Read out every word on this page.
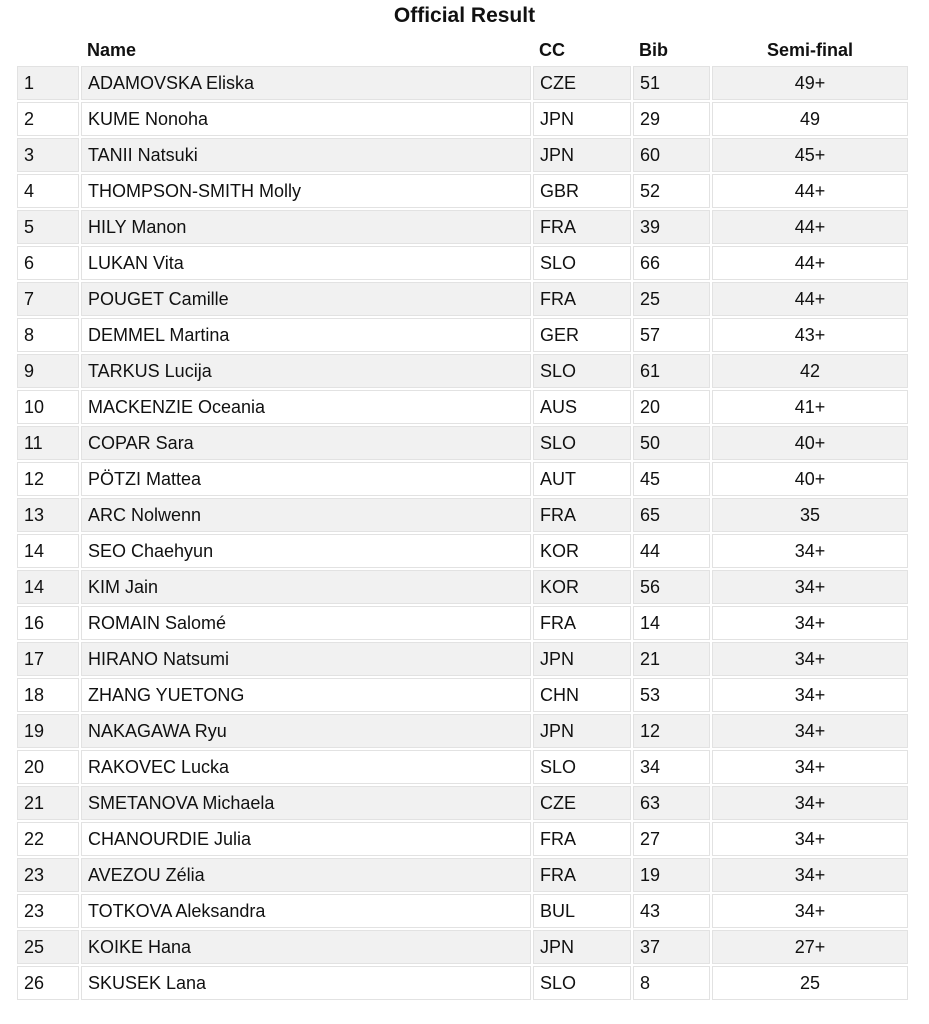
Official Result
	Name	CC	Bib	Semi-final
1	ADAMOVSKA Eliska	CZE	51	49+
2	KUME Nonoha	JPN	29	49
3	TANII Natsuki	JPN	60	45+
4	THOMPSON-SMITH Molly	GBR	52	44+
5	HILY Manon	FRA	39	44+
6	LUKAN Vita	SLO	66	44+
7	POUGET Camille	FRA	25	44+
8	DEMMEL Martina	GER	57	43+
9	TARKUS Lucija	SLO	61	42
10	MACKENZIE Oceania	AUS	20	41+
11	COPAR Sara	SLO	50	40+
12	PÖTZI Mattea	AUT	45	40+
13	ARC Nolwenn	FRA	65	35
14	SEO Chaehyun	KOR	44	34+
14	KIM Jain	KOR	56	34+
16	ROMAIN Salomé	FRA	14	34+
17	HIRANO Natsumi	JPN	21	34+
18	ZHANG YUETONG	CHN	53	34+
19	NAKAGAWA Ryu	JPN	12	34+
20	RAKOVEC Lucka	SLO	34	34+
21	SMETANOVA Michaela	CZE	63	34+
22	CHANOURDIE Julia	FRA	27	34+
23	AVEZOU Zélia	FRA	19	34+
23	TOTKOVA Aleksandra	BUL	43	34+
25	KOIKE Hana	JPN	37	27+
26	SKUSEK Lana	SLO	8	25
